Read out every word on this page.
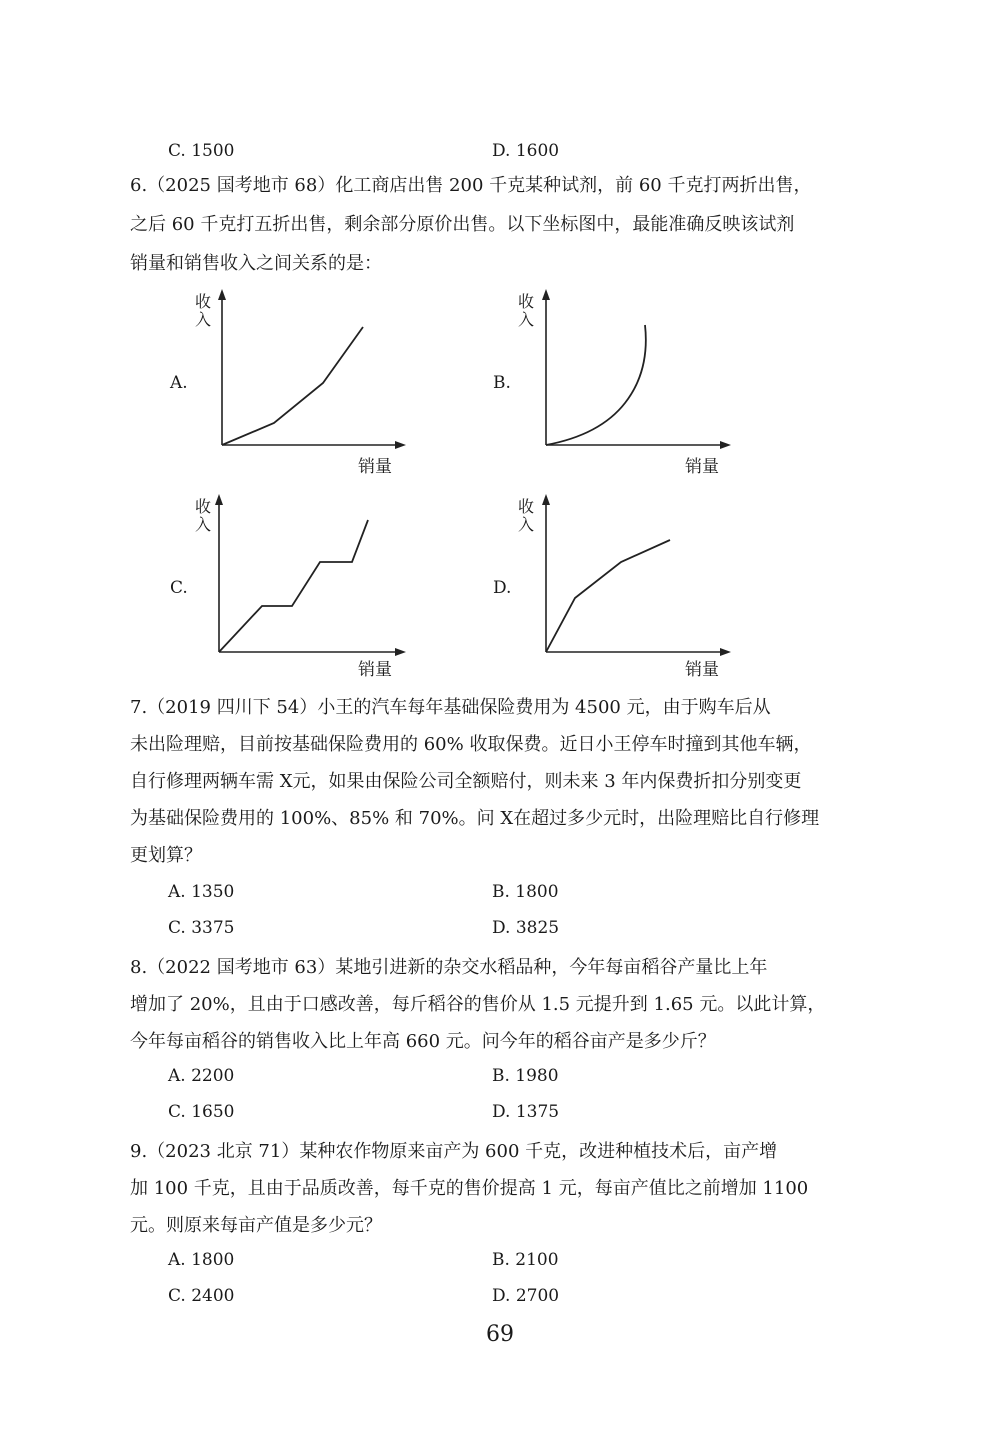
C. 1500	D. 1600
6.（2025 国考地市 68）化工商店出售 200 千克某种试剂，前 60 千克打两折出售，
之后 60 千克打五折出售，剩余部分原价出售。以下坐标图中，最能准确反映该试剂
销量和销售收入之间关系的是：
A.
收入
销量
B.
收入
销量
C.
收入
销量
D.
收入
销量
7.（2019 四川下 54）小王的汽车每年基础保险费用为 4500 元，由于购车后从
未出险理赔，目前按基础保险费用的 60% 收取保费。近日小王停车时撞到其他车辆，
自行修理两辆车需 X元，如果由保险公司全额赔付，则未来 3 年内保费折扣分别变更
为基础保险费用的 100%、85% 和 70%。问 X在超过多少元时，出险理赔比自行修理
更划算？
A. 1350	B. 1800
C. 3375	D. 3825
8.（2022 国考地市 63）某地引进新的杂交水稻品种，今年每亩稻谷产量比上年
增加了 20%，且由于口感改善，每斤稻谷的售价从 1.5 元提升到 1.65 元。以此计算，
今年每亩稻谷的销售收入比上年高 660 元。问今年的稻谷亩产是多少斤？
A. 2200	B. 1980
C. 1650	D. 1375
9.（2023 北京 71）某种农作物原来亩产为 600 千克，改进种植技术后，亩产增
加 100 千克，且由于品质改善，每千克的售价提高 1 元，每亩产值比之前增加 1100
元。则原来每亩产值是多少元？
A. 1800	B. 2100
C. 2400	D. 2700
69
